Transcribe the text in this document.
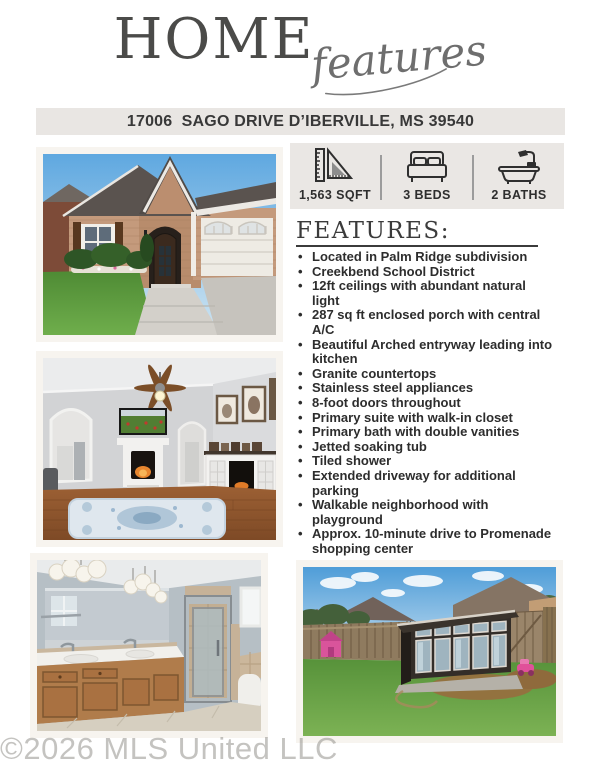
HOMEfeatures
17006  SAGO DRIVE D’IBERVILLE, MS 39540
1,563 SQFT	3 BEDS	2 BATHS
FEATURES:
• Located in Palm Ridge subdivision
• Creekbend School District
• 12ft ceilings with abundant natural light
• 287 sq ft enclosed porch with central A/C
• Beautiful Arched entryway leading into kitchen
• Granite countertops
• Stainless steel appliances
• 8-foot doors throughout
• Primary suite with walk-in closet
• Primary bath with double vanities
• Jetted soaking tub
• Tiled shower
• Extended driveway for additional parking
• Walkable neighborhood with playground
• Approx. 10-minute drive to Promenade shopping center
©2026 MLS United LLC
